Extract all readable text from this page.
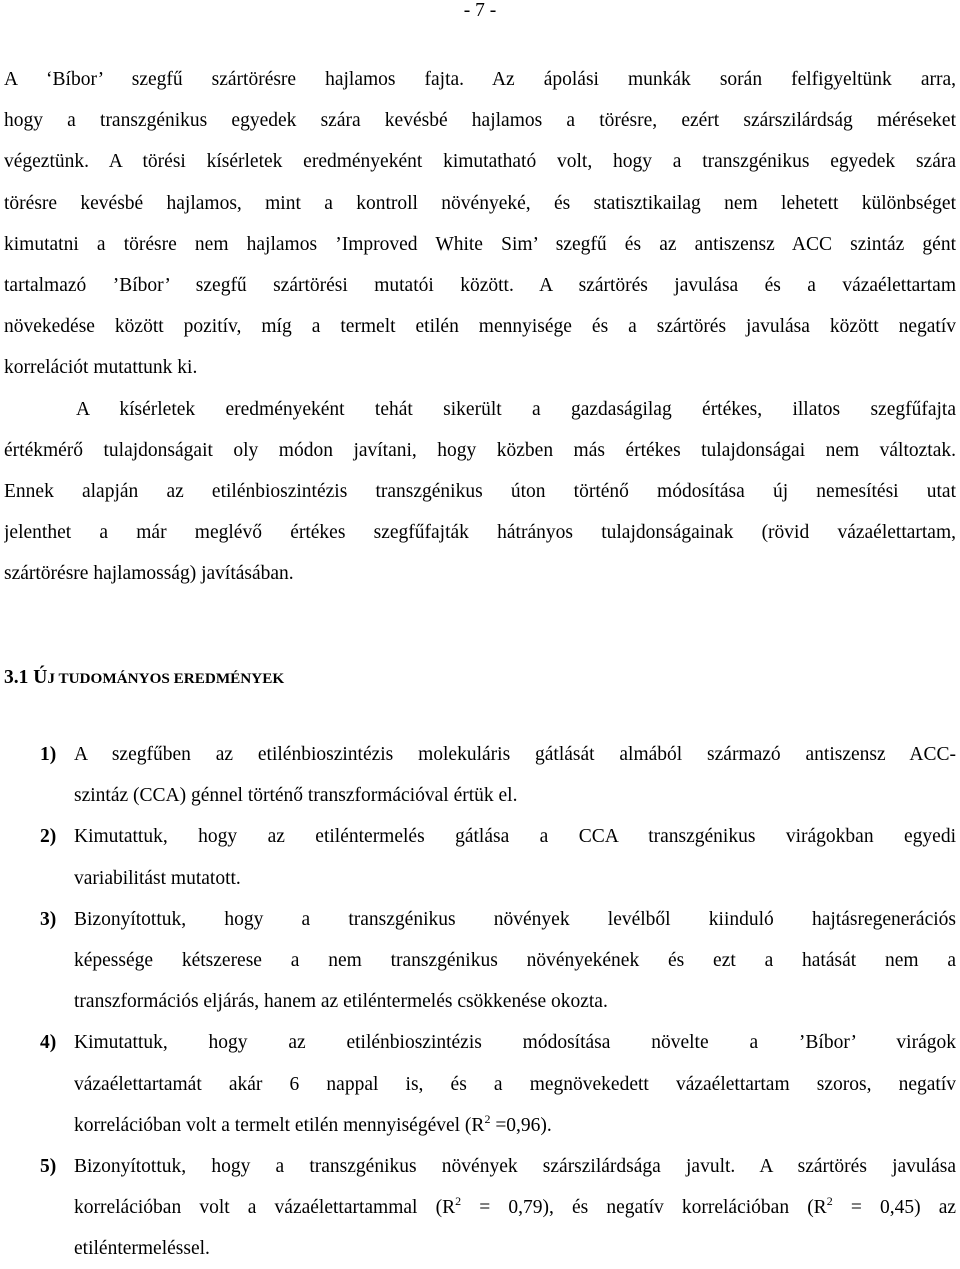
- 7 -
A ‘Bíbor’ szegfű szártörésre hajlamos fajta. Az ápolási munkák során felfigyeltünk arra,
hogy a transzgénikus egyedek szára kevésbé hajlamos a törésre, ezért szárszilárdság méréseket
végeztünk. A törési kísérletek eredményeként kimutatható volt, hogy a transzgénikus egyedek szára
törésre kevésbé hajlamos, mint a kontroll növényeké, és statisztikailag nem lehetett különbséget
kimutatni a törésre nem hajlamos ’Improved White Sim’ szegfű és az antiszensz ACC szintáz gént
tartalmazó ’Bíbor’ szegfű szártörési mutatói között. A szártörés javulása és a vázaélettartam
növekedése között pozitív, míg a termelt etilén mennyisége és a szártörés javulása között negatív
korrelációt mutattunk ki.
A kísérletek eredményeként tehát sikerült a gazdaságilag értékes, illatos szegfűfajta
értékmérő tulajdonságait oly módon javítani, hogy közben más értékes tulajdonságai nem változtak.
Ennek alapján az etilénbioszintézis transzgénikus úton történő módosítása új nemesítési utat
jelenthet a már meglévő értékes szegfűfajták hátrányos tulajdonságainak (rövid vázaélettartam,
szártörésre hajlamosság) javításában.
3.1 ÚJ TUDOMÁNYOS EREDMÉNYEK
1) A szegfűben az etilénbioszintézis molekuláris gátlását almából származó antiszensz ACC-
szintáz (CCA) génnel történő transzformációval értük el.
2) Kimutattuk, hogy az etiléntermelés gátlása a CCA transzgénikus virágokban egyedi
variabilitást mutatott.
3) Bizonyítottuk, hogy a transzgénikus növények levélből kiinduló hajtásregenerációs
képessége kétszerese a nem transzgénikus növényekének és ezt a hatását nem a
transzformációs eljárás, hanem az etiléntermelés csökkenése okozta.
4) Kimutattuk, hogy az etilénbioszintézis módosítása növelte a ’Bíbor’ virágok
vázaélettartamát akár 6 nappal is, és a megnövekedett vázaélettartam szoros, negatív
korrelációban volt a termelt etilén mennyiségével $(R^2 =0,96)$.
5) Bizonyítottuk, hogy a transzgénikus növények szárszilárdsága javult. A szártörés javulása
korrelációban volt a vázaélettartammal $(R^2 = 0,79)$, és negatív korrelációban $(R^2 = 0,45)$ az
etiléntermeléssel.
